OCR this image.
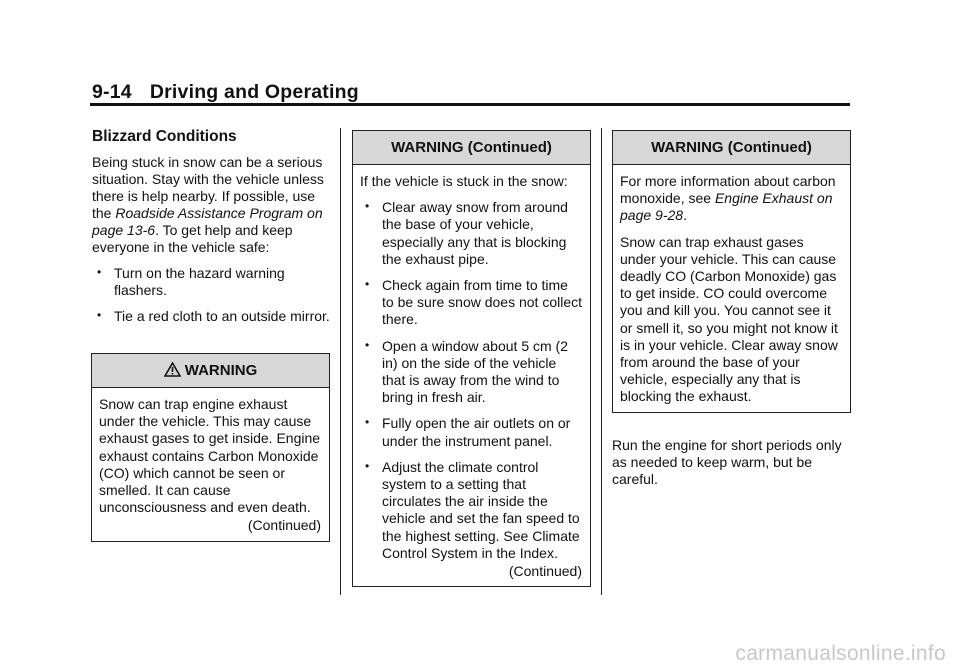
9-14 Driving and Operating
Blizzard Conditions

Being stuck in snow can be a serious situation. Stay with the vehicle unless there is help nearby. If possible, use the Roadside Assistance Program on page 13-6. To get help and keep everyone in the vehicle safe:

• Turn on the hazard warning flashers.
• Tie a red cloth to an outside mirror.
WARNING

Snow can trap engine exhaust under the vehicle. This may cause exhaust gases to get inside. Engine exhaust contains Carbon Monoxide (CO) which cannot be seen or smelled. It can cause unconsciousness and even death.

(Continued)

WARNING (Continued)

If the vehicle is stuck in the snow:

• Clear away snow from around the base of your vehicle, especially any that is blocking the exhaust pipe.
• Check again from time to time to be sure snow does not collect there.
• Open a window about 5 cm (2 in) on the side of the vehicle that is away from the wind to bring in fresh air.
• Fully open the air outlets on or under the instrument panel.
• Adjust the climate control system to a setting that circulates the air inside the vehicle and set the fan speed to the highest setting. See Climate Control System in the Index.

(Continued)

WARNING (Continued)

For more information about carbon monoxide, see Engine Exhaust on page 9-28.

Snow can trap exhaust gases under your vehicle. This can cause deadly CO (Carbon Monoxide) gas to get inside. CO could overcome you and kill you. You cannot see it or smell it, so you might not know it is in your vehicle. Clear away snow from around the base of your vehicle, especially any that is blocking the exhaust.

Run the engine for short periods only as needed to keep warm, but be careful.

carmanualsonline.info
